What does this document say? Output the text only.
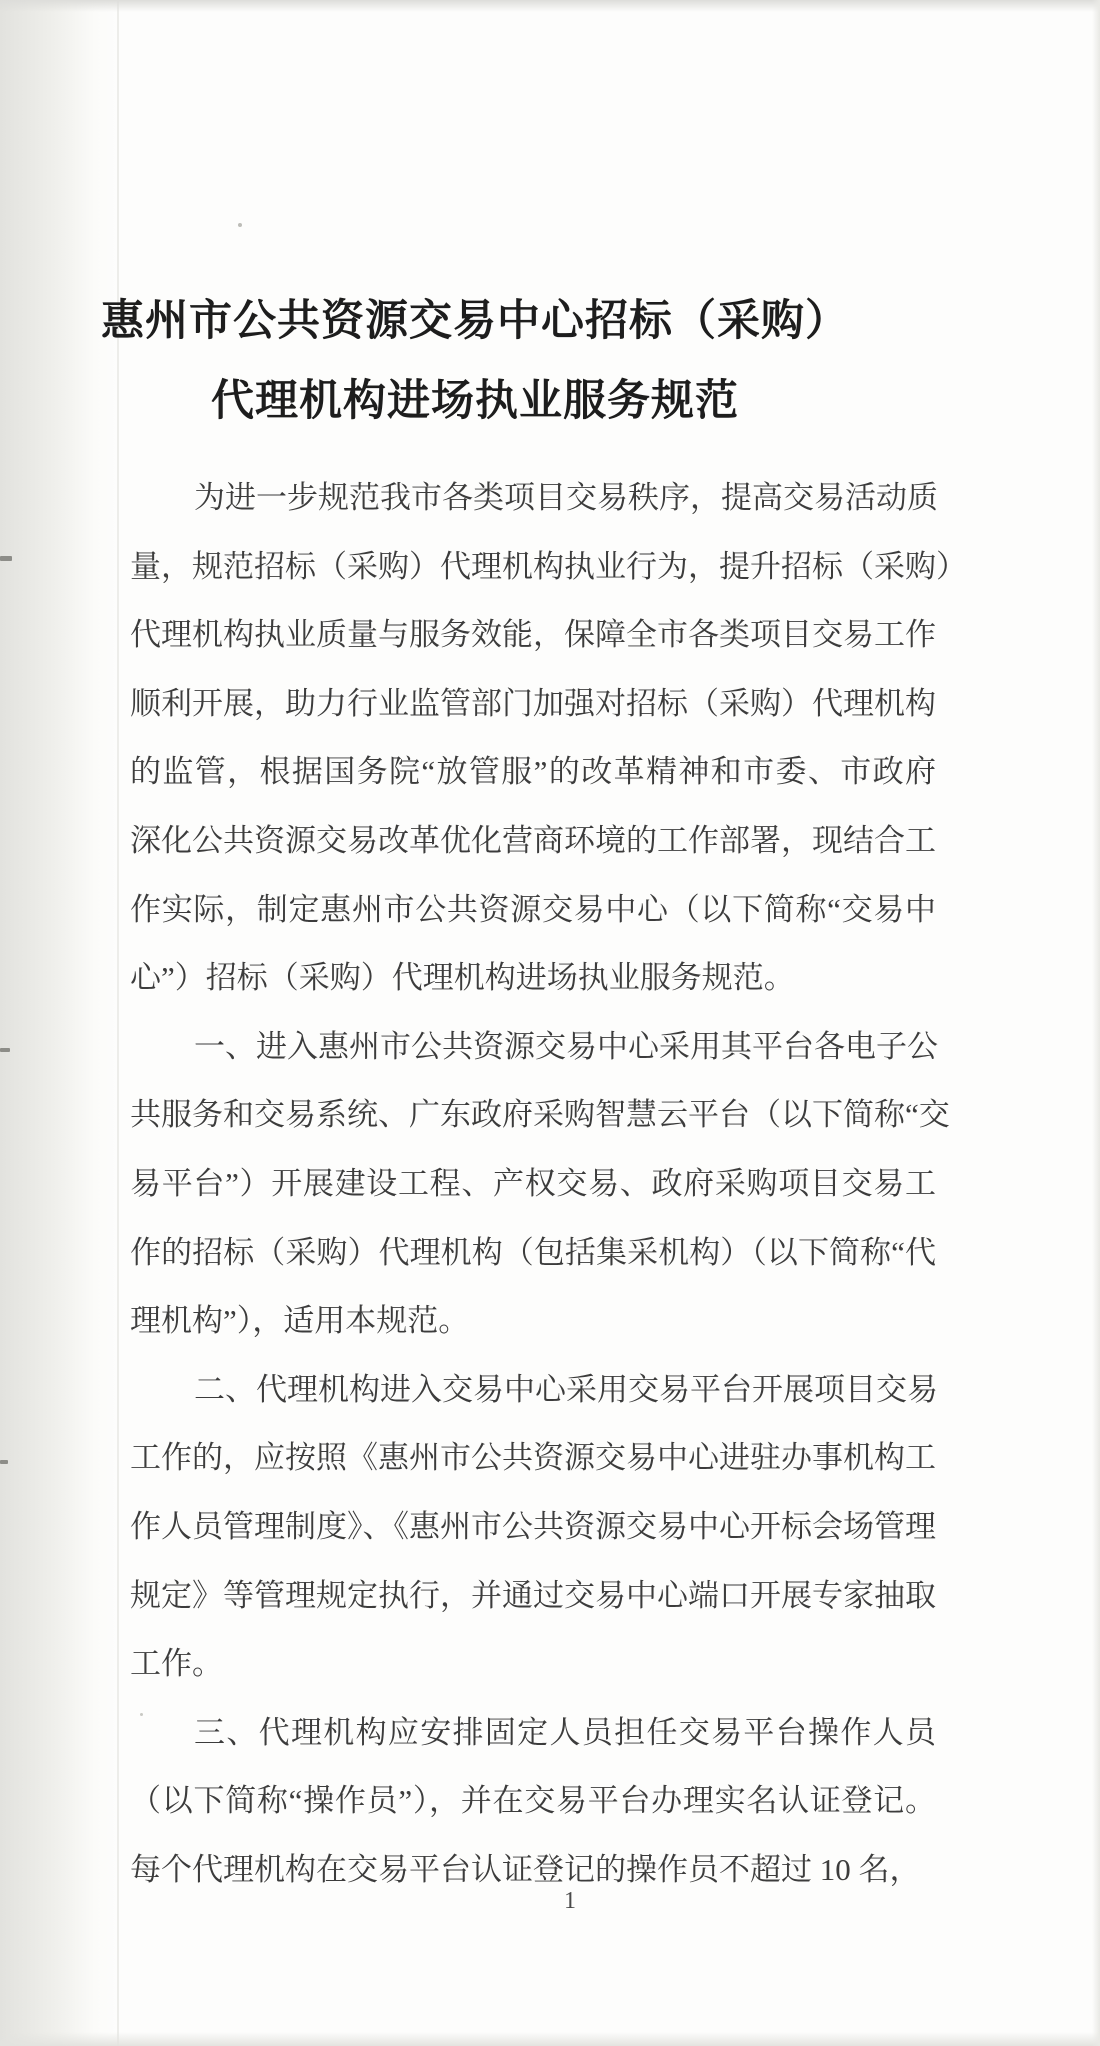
惠州市公共资源交易中心招标（采购）
代理机构进场执业服务规范
为进一步规范我市各类项目交易秩序，提高交易活动质
量，规范招标（采购）代理机构执业行为，提升招标（采购）
代理机构执业质量与服务效能，保障全市各类项目交易工作
顺利开展，助力行业监管部门加强对招标（采购）代理机构
的监管，根据国务院“放管服”的改革精神和市委、市政府
深化公共资源交易改革优化营商环境的工作部署，现结合工
作实际，制定惠州市公共资源交易中心（以下简称“交易中
心”）招标（采购）代理机构进场执业服务规范。
一、进入惠州市公共资源交易中心采用其平台各电子公
共服务和交易系统、广东政府采购智慧云平台（以下简称“交
易平台”）开展建设工程、产权交易、政府采购项目交易工
作的招标（采购）代理机构（包括集采机构）（以下简称“代
理机构”），适用本规范。
二、代理机构进入交易中心采用交易平台开展项目交易
工作的，应按照《惠州市公共资源交易中心进驻办事机构工
作人员管理制度》、《惠州市公共资源交易中心开标会场管理
规定》等管理规定执行，并通过交易中心端口开展专家抽取
工作。
三、代理机构应安排固定人员担任交易平台操作人员
（以下简称“操作员”），并在交易平台办理实名认证登记。
每个代理机构在交易平台认证登记的操作员不超过 10 名，
1
